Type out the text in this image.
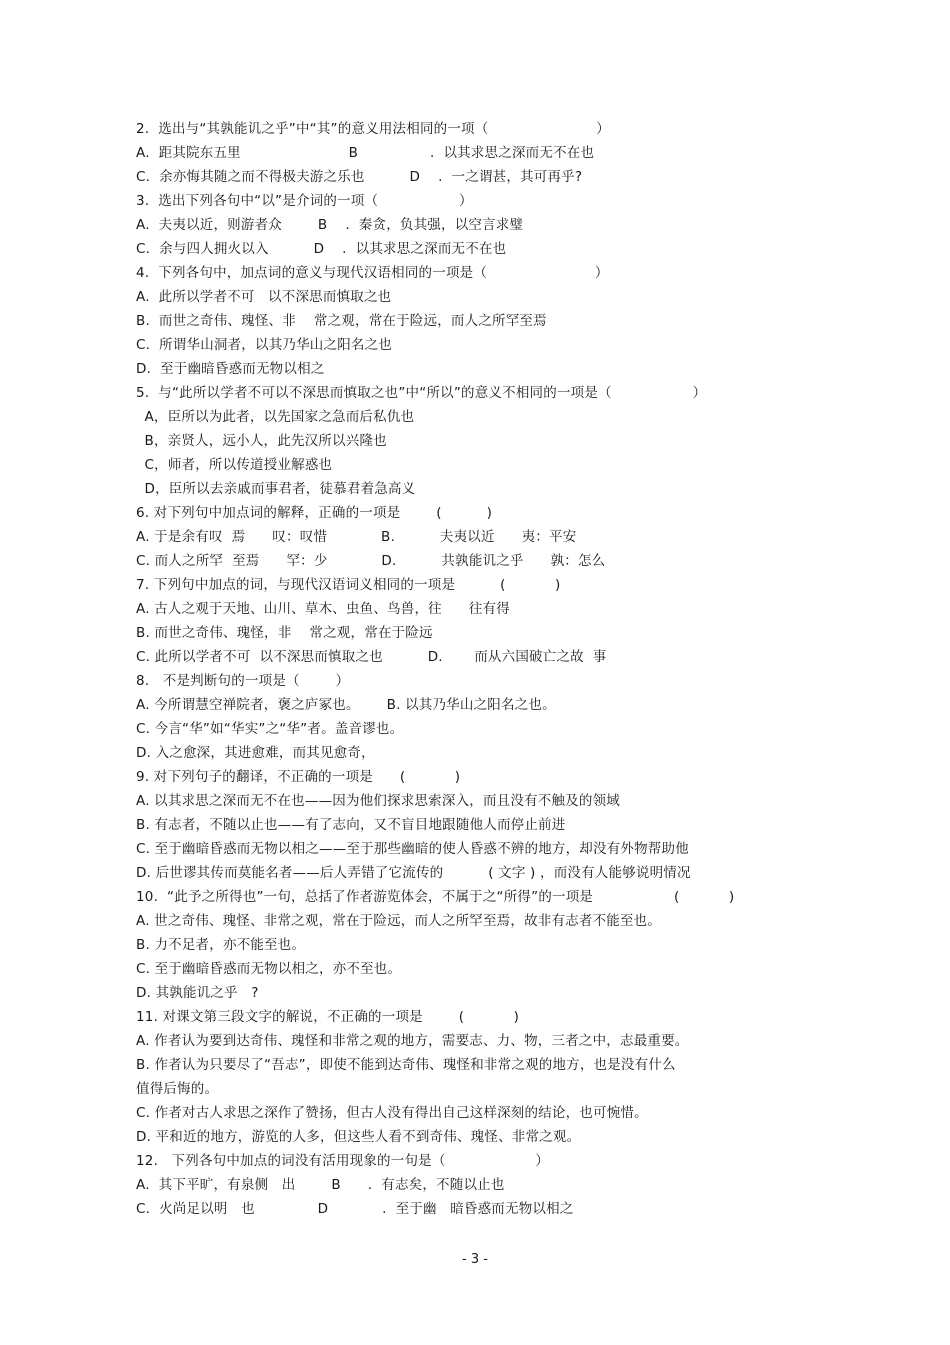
2.  选出与“其孰能讥之乎”中“其”的意义用法相同的一项（                        ）
A.  距其院东五里                        B                .  以其求思之深而无不在也
C.  余亦悔其随之而不得极夫游之乐也          D    .  一之谓甚，其可再乎?
3.  选出下列各句中“以”是介词的一项（                  ）
A.  夫夷以近，则游者众        B    .  秦贪，负其强，以空言求璧
C.  余与四人拥火以入          D    .  以其求思之深而无不在也
4.  下列各句中，加点词的意义与现代汉语相同的一项是（                        ）
A.  此所以学者不可   以不深思而慎取之也
B.  而世之奇伟、瑰怪、非    常之观，常在于险远，而人之所罕至焉
C.  所谓华山洞者，以其乃华山之阳名之也
D.  至于幽暗昏惑而无物以相之
5.  与“此所以学者不可以不深思而慎取之也”中“所以”的意义不相同的一项是（                  ）
A，臣所以为此者，以先国家之急而后私仇也
B，亲贤人，远小人，此先汉所以兴隆也
C，师者，所以传道授业解惑也
D，臣所以去亲戚而事君者，徒慕君着急高义
6. 对下列句中加点词的解释，正确的一项是        (          )
A. 于是余有叹  焉      叹：叹惜            B.          夫夷以近      夷：平安
C. 而人之所罕  至焉      罕：少            D.          共孰能讥之乎      孰：怎么
7. 下列句中加点的词，与现代汉语词义相同的一项是          (           )
A. 古人之观于天地、山川、草木、虫鱼、鸟兽，往      往有得
B. 而世之奇伟、瑰怪，非    常之观，常在于险远
C. 此所以学者不可  以不深思而慎取之也          D.       而从六国破亡之故  事
8.   不是判断句的一项是（        ）
A. 今所谓慧空禅院者，褒之庐冢也。      B. 以其乃华山之阳名之也。
C. 今言“华”如“华实”之“华”者。盖音谬也。
D. 入之愈深，其进愈难，而其见愈奇，
9. 对下列句子的翻译，不正确的一项是      (           )
A. 以其求思之深而无不在也——因为他们探求思索深入，而且没有不触及的领域
B. 有志者，不随以止也——有了志向，又不盲目地跟随他人而停止前进
C. 至于幽暗昏惑而无物以相之——至于那些幽暗的使人昏惑不辨的地方，却没有外物帮助他
D. 后世谬其传而莫能名者——后人弄错了它流传的          ( 文字 ) ，而没有人能够说明情况
10.  “此予之所得也”一句，总括了作者游览体会，不属于之“所得”的一项是                  (           )
A. 世之奇伟、瑰怪、非常之观，常在于险远，而人之所罕至焉，故非有志者不能至也。
B. 力不足者，亦不能至也。
C. 至于幽暗昏惑而无物以相之，亦不至也。
D. 其孰能讥之乎   ?
11. 对课文第三段文字的解说，不正确的一项是        (           )
A. 作者认为要到达奇伟、瑰怪和非常之观的地方，需要志、力、物，三者之中，志最重要。
B. 作者认为只要尽了“吾志”，即使不能到达奇伟、瑰怪和非常之观的地方，也是没有什么
值得后悔的。
C. 作者对古人求思之深作了赞扬，但古人没有得出自己这样深刻的结论，也可惋惜。
D. 平和近的地方，游览的人多，但这些人看不到奇伟、瑰怪、非常之观。
12.   下列各句中加点的词没有活用现象的一句是（                    ）
A.  其下平旷，有泉侧   出        B      .  有志矣，不随以止也
C.  火尚足以明   也              D            .  至于幽   暗昏惑而无物以相之
- 3 -
